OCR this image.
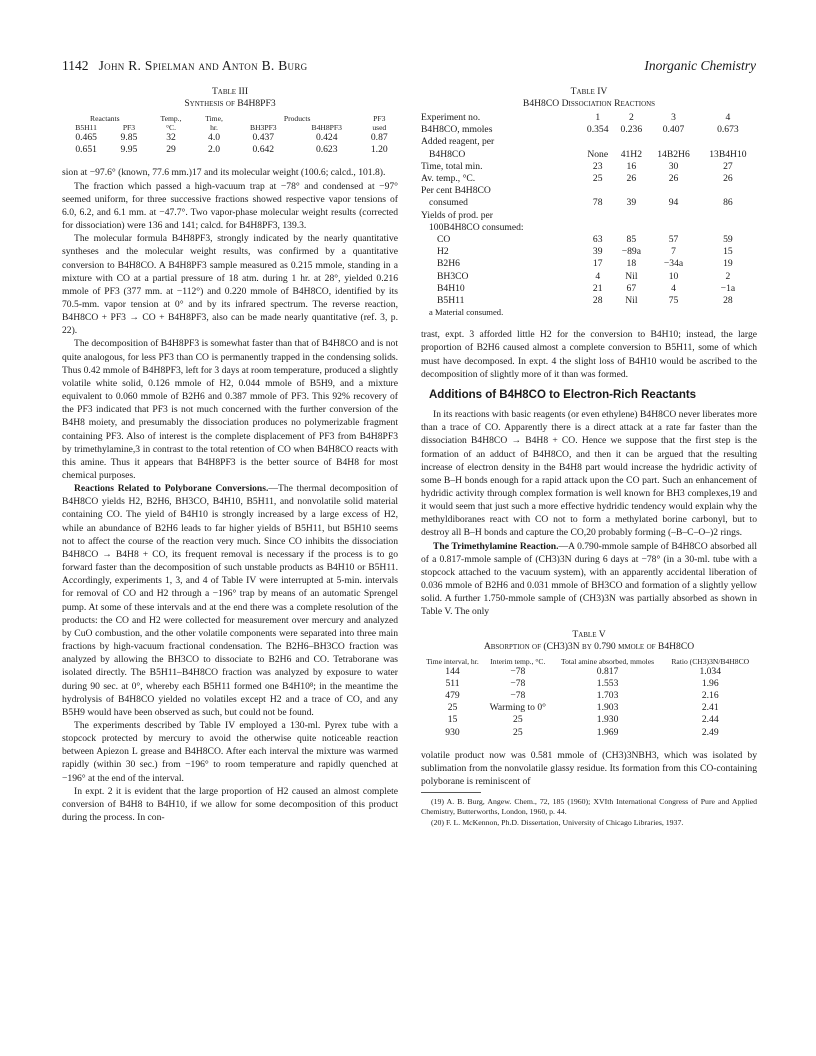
1142 John R. Spielman and Anton B. Burg	Inorganic Chemistry
Table III
Synthesis of B4H8PF3
Reactants		Temp.,	Time,	Products		PF3
B5H11	PF3	°C.	hr.	BH3PF3	B4H8PF3	used
0.465	9.85	32	4.0	0.437	0.424	0.87
0.651	9.95	29	2.0	0.642	0.623	1.20

sion at −97.6° (known, 77.6 mm.)17 and its molecular weight (100.6; calcd., 101.8).

The fraction which passed a high-vacuum trap at −78° and condensed at −97° seemed uniform, for three successive fractions showed respective vapor tensions of 6.0, 6.2, and 6.1 mm. at −47.7°. Two vapor-phase molecular weight results (corrected for dissociation) were 136 and 141; calcd. for B4H8PF3, 139.3.

The molecular formula B4H8PF3, strongly indicated by the nearly quantitative syntheses and the molecular weight results, was confirmed by a quantitative conversion to B4H8CO. A B4H8PF3 sample measured as 0.215 mmole, standing in a mixture with CO at a partial pressure of 18 atm. during 1 hr. at 28°, yielded 0.216 mmole of PF3 (377 mm. at −112°) and 0.220 mmole of B4H8CO, identified by its 70.5-mm. vapor tension at 0° and by its infrared spectrum. The reverse reaction, B4H8CO + PF3 → CO + B4H8PF3, also can be made nearly quantitative (ref. 3, p. 22).

The decomposition of B4H8PF3 is somewhat faster than that of B4H8CO and is not quite analogous, for less PF3 than CO is permanently trapped in the condensing solids. Thus 0.42 mmole of B4H8PF3, left for 3 days at room temperature, produced a slightly volatile white solid, 0.126 mmole of H2, 0.044 mmole of B5H9, and a mixture equivalent to 0.060 mmole of B2H6 and 0.387 mmole of PF3. This 92% recovery of the PF3 indicated that PF3 is not much concerned with the further conversion of the B4H8 moiety, and presumably the dissociation produces no polymerizable fragment containing PF3. Also of interest is the complete displacement of PF3 from B4H8PF3 by trimethylamine,3 in contrast to the total retention of CO when B4H8CO reacts with this amine. Thus it appears that B4H8PF3 is the better source of B4H8 for most chemical purposes.

Reactions Related to Polyborane Conversions.—The thermal decomposition of B4H8CO yields H2, B2H6, BH3CO, B4H10, B5H11, and nonvolatile solid material containing CO. The yield of B4H10 is strongly increased by a large excess of H2, while an abundance of B2H6 leads to far higher yields of B5H11, but B5H10 seems not to affect the course of the reaction very much. Since CO inhibits the dissociation B4H8CO → B4H8 + CO, its frequent removal is necessary if the process is to go forward faster than the decomposition of such unstable products as B4H10 or B5H11. Accordingly, experiments 1, 3, and 4 of Table IV were interrupted at 5-min. intervals for removal of CO and H2 through a −196° trap by means of an automatic Sprengel pump. At some of these intervals and at the end there was a complete resolution of the products: the CO and H2 were collected for measurement over mercury and analyzed by CuO combustion, and the other volatile components were separated into three main fractions by high-vacuum fractional condensation. The B2H6–BH3CO fraction was analyzed by allowing the BH3CO to dissociate to B2H6 and CO. Tetraborane was isolated directly. The B5H11–B4H8CO fraction was analyzed by exposure to water during 90 sec. at 0°, whereby each B5H11 formed one B4H10⁸; in the meantime the hydrolysis of B4H8CO yielded no volatiles except H2 and a trace of CO, and any B5H9 would have been observed as such, but could not be found.

The experiments described by Table IV employed a 130-ml. Pyrex tube with a stopcock protected by mercury to avoid the otherwise quite noticeable reaction between Apiezon L grease and B4H8CO. After each interval the mixture was warmed rapidly (within 30 sec.) from −196° to room temperature and rapidly quenched at −196° at the end of the interval.

In expt. 2 it is evident that the large proportion of H2 caused an almost complete conversion of B4H8 to B4H10, if we allow for some decomposition of this product during the process. In con-

Table IV
B4H8CO Dissociation Reactions
Experiment no.	1	2	3	4
B4H8CO, mmoles	0.354	0.236	0.407	0.673
Added reagent, per				
B4H8CO	None	41H2	14B2H6	13B4H10
Time, total min.	23	16	30	27
Av. temp., °C.	25	26	26	26
Per cent B4H8CO				
consumed	78	39	94	86
Yields of prod. per				
100B4H8CO consumed:				
CO	63	85	57	59
H2	39	−89a	7	15
B2H6	17	18	−34a	19
BH3CO	4	Nil	10	2
B4H10	21	67	4	−1a
B5H11	28	Nil	75	28
a Material consumed.

trast, expt. 3 afforded little H2 for the conversion to B4H10; instead, the large proportion of B2H6 caused almost a complete conversion to B5H11, some of which must have decomposed. In expt. 4 the slight loss of B4H10 would be ascribed to the decomposition of slightly more of it than was formed.

Additions of B4H8CO to Electron-Rich Reactants

In its reactions with basic reagents (or even ethylene) B4H8CO never liberates more than a trace of CO. Apparently there is a direct attack at a rate far faster than the dissociation B4H8CO → B4H8 + CO. Hence we suppose that the first step is the formation of an adduct of B4H8CO, and then it can be argued that the resulting increase of electron density in the B4H8 part would increase the hydridic activity of some B–H bonds enough for a rapid attack upon the CO part. Such an enhancement of hydridic activity through complex formation is well known for BH3 complexes,19 and it would seem that just such a more effective hydridic tendency would explain why the methyldiboranes react with CO not to form a methylated borine carbonyl, but to destroy all B–H bonds and capture the CO,20 probably forming (–B–C–O–)2 rings.

The Trimethylamine Reaction.—A 0.790-mmole sample of B4H8CO absorbed all of a 0.817-mmole sample of (CH3)3N during 6 days at −78° (in a 30-ml. tube with a stopcock attached to the vacuum system), with an apparently accidental liberation of 0.036 mmole of B2H6 and 0.031 mmole of BH3CO and formation of a slightly yellow solid. A further 1.750-mmole sample of (CH3)3N was partially absorbed as shown in Table V. The only

Table V
Absorption of (CH3)3N by 0.790 mmole of B4H8CO
Time interval, hr.	Interim temp., °C.	Total amine absorbed, mmoles	Ratio (CH3)3N/B4H8CO
144	−78	0.817	1.034
511	−78	1.553	1.96
479	−78	1.703	2.16
25	Warming to 0°	1.903	2.41
15	25	1.930	2.44
930	25	1.969	2.49

volatile product now was 0.581 mmole of (CH3)3NBH3, which was isolated by sublimation from the nonvolatile glassy residue. Its formation from this CO-containing polyborane is reminiscent of

(19) A. B. Burg, Angew. Chem., 72, 185 (1960); XVIth International Congress of Pure and Applied Chemistry, Butterworths, London, 1960, p. 44.

(20) F. L. McKennon, Ph.D. Dissertation, University of Chicago Libraries, 1937.
